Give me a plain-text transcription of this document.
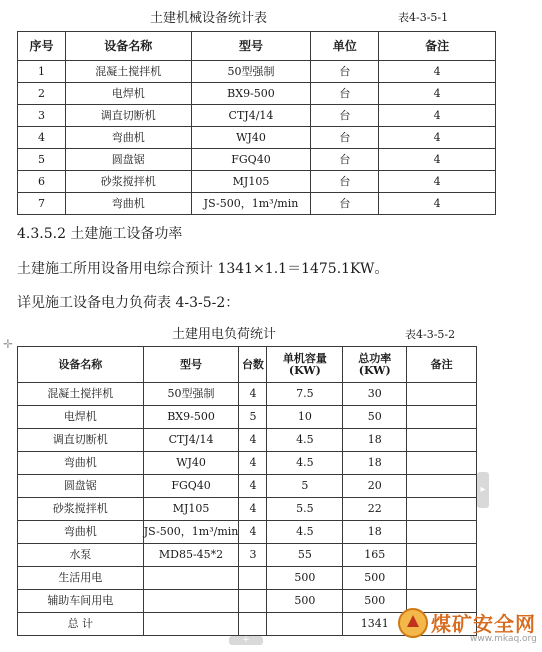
土建机械设备统计表	表4-3-5-1
序号	设备名称	型号	单位	备注
1	混凝土搅拌机	50型强制	台	4
2	电焊机	BX9-500	台	4
3	调直切断机	CTJ4/14	台	4
4	弯曲机	WJ40	台	4
5	圆盘锯	FGQ40	台	4
6	砂浆搅拌机	MJ105	台	4
7	弯曲机	JS-500，1m³/min	台	4
4.3.5.2 土建施工设备功率
土建施工所用设备用电综合预计 1341×1.1＝1475.1KW。
详见施工设备电力负荷表 4-3-5-2：
土建用电负荷统计	表4-3-5-2
✛
设备名称	型号	台数	单机容量(KW)	总功率(KW)	备注
混凝土搅拌机	50型强制	4	7.5	30	
电焊机	BX9-500	5	10	50	
调直切断机	CTJ4/14	4	4.5	18	
弯曲机	WJ40	4	4.5	18	
圆盘锯	FGQ40	4	5	20	
砂浆搅拌机	MJ105	4	5.5	22	
弯曲机	JS-500，1m³/min	4	4.5	18	
水泵	MD85-45*2	3	55	165	
生活用电			500	500	
辅助车间用电			500	500	
总 计				1341	
▸
+
煤矿安全网
www.mkaq.org
